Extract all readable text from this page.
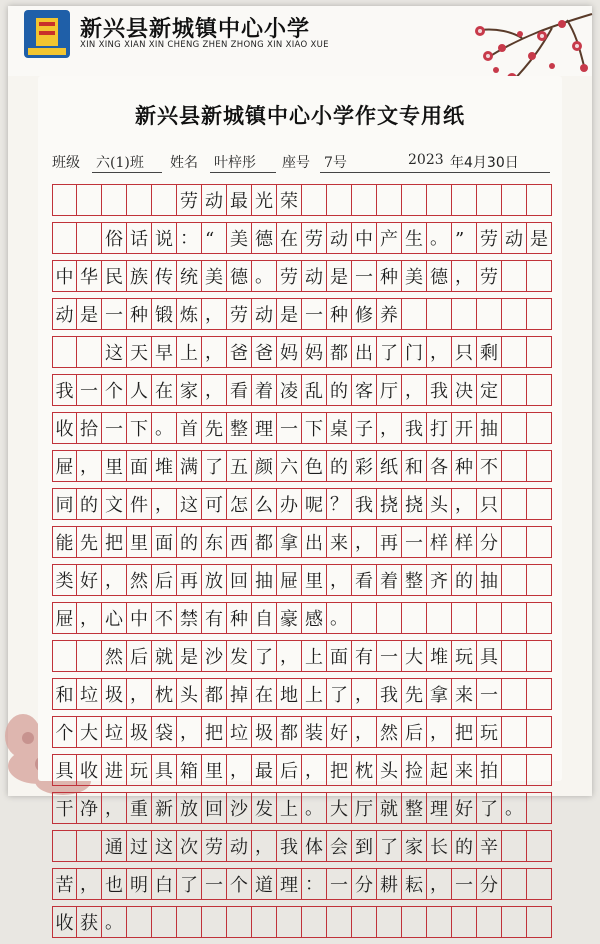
新兴县新城镇中心小学
XIN XING XIAN XIN CHENG ZHEN ZHONG XIN XIAO XUE
新兴县新城镇中心小学作文专用纸
班级 六(1)班 姓名 叶梓彤 座号 7号	2023 年4月30日
劳 动 最 光 荣
俗 话 说 ： “ 美 德 在 劳 动 中 产 生 。 ” 劳 动 是
中 华 民 族 传 统 美 德 。 劳 动 是 一 种 美 德 ， 劳
动 是 一 种 锻 炼 ， 劳 动 是 一 种 修 养
这 天 早 上 ， 爸 爸 妈 妈 都 出 了 门 ， 只 剩
我 一 个 人 在 家 ， 看 着 凌 乱 的 客 厅 ， 我 决 定
收 拾 一 下 。 首 先 整 理 一 下 桌 子 ， 我 打 开 抽
屉 ， 里 面 堆 满 了 五 颜 六 色 的 彩 纸 和 各 种 不
同 的 文 件 ， 这 可 怎 么 办 呢 ？ 我 挠 挠 头 ， 只
能 先 把 里 面 的 东 西 都 拿 出 来 ， 再 一 样 样 分
类 好 ， 然 后 再 放 回 抽 屉 里 ， 看 着 整 齐 的 抽
屉 ， 心 中 不 禁 有 种 自 豪 感 。
然 后 就 是 沙 发 了 ， 上 面 有 一 大 堆 玩 具
和 垃 圾 ， 枕 头 都 掉 在 地 上 了 ， 我 先 拿 来 一
个 大 垃 圾 袋 ， 把 垃 圾 都 装 好 ， 然 后 ， 把 玩
具 收 进 玩 具 箱 里 ， 最 后 ， 把 枕 头 捡 起 来 拍
干 净 ， 重 新 放 回 沙 发 上 。 大 厅 就 整 理 好 了 。
通 过 这 次 劳 动 ， 我 体 会 到 了 家 长 的 辛
苦 ， 也 明 白 了 一 个 道 理 ： 一 分 耕 耘 ， 一 分
收 获 。
